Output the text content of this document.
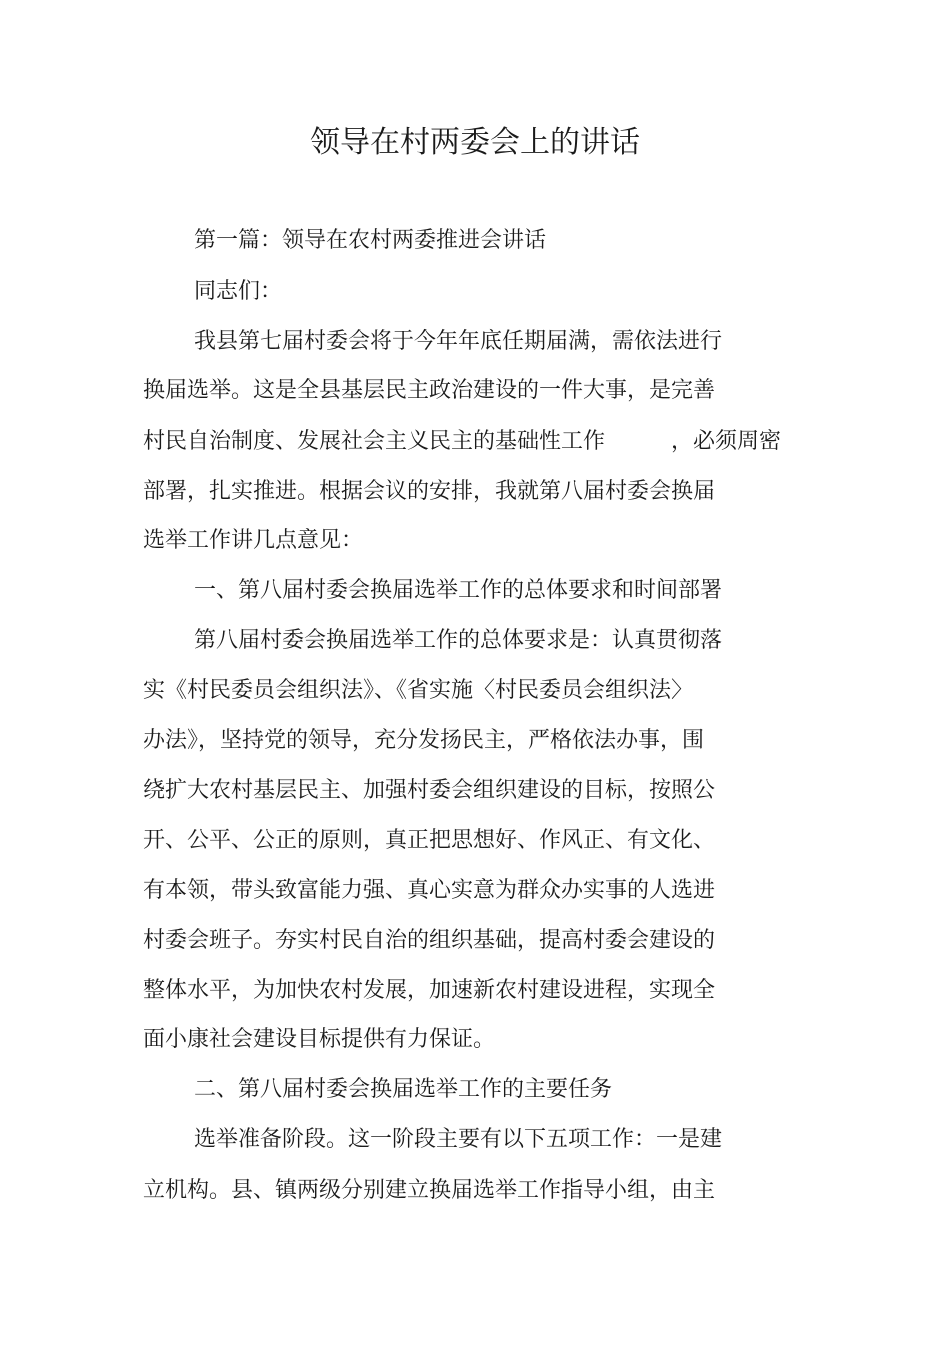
领导在村两委会上的讲话
第一篇：领导在农村两委推进会讲话
同志们：
我县第七届村委会将于今年年底任期届满，需依法进行
换届选举。这是全县基层民主政治建设的一件大事，是完善
村民自治制度、发展社会主义民主的基础性工作　　　，必须周密
部署，扎实推进。根据会议的安排，我就第八届村委会换届
选举工作讲几点意见：
一、第八届村委会换届选举工作的总体要求和时间部署
第八届村委会换届选举工作的总体要求是：认真贯彻落
实《村民委员会组织法》、《省实施〈村民委员会组织法〉
办法》，坚持党的领导，充分发扬民主，严格依法办事，围
绕扩大农村基层民主、加强村委会组织建设的目标，按照公
开、公平、公正的原则，真正把思想好、作风正、有文化、
有本领，带头致富能力强、真心实意为群众办实事的人选进
村委会班子。夯实村民自治的组织基础，提高村委会建设的
整体水平，为加快农村发展，加速新农村建设进程，实现全
面小康社会建设目标提供有力保证。
二、第八届村委会换届选举工作的主要任务
选举准备阶段。这一阶段主要有以下五项工作：一是建
立机构。县、镇两级分别建立换届选举工作指导小组，由主
